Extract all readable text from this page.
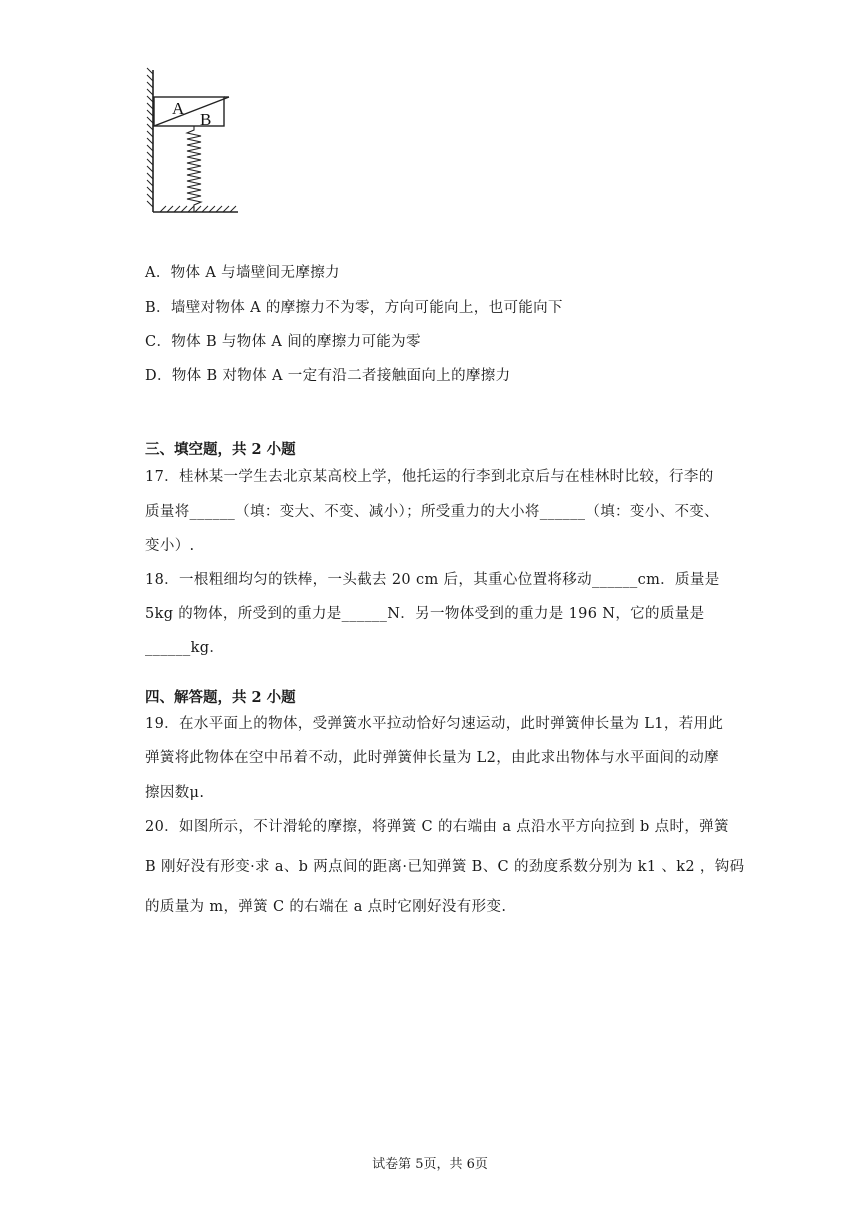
A
B
A．物体 A 与墙壁间无摩擦力
B．墙壁对物体 A 的摩擦力不为零，方向可能向上，也可能向下
C．物体 B 与物体 A 间的摩擦力可能为零
D．物体 B 对物体 A 一定有沿二者接触面向上的摩擦力
三、填空题，共 2 小题
17．桂林某一学生去北京某高校上学，他托运的行李到北京后与在桂林时比较，行李的
质量将______（填：变大、不变、减小）；所受重力的大小将______（填：变小、不变、
变小）.
18．一根粗细均匀的铁棒，一头截去 20 cm 后，其重心位置将移动______cm．质量是
5kg 的物体，所受到的重力是______N．另一物体受到的重力是 196 N，它的质量是
______kg．
四、解答题，共 2 小题
19．在水平面上的物体，受弹簧水平拉动恰好匀速运动，此时弹簧伸长量为 L1，若用此
弹簧将此物体在空中吊着不动，此时弹簧伸长量为 L2，由此求出物体与水平面间的动摩
擦因数μ.
20．如图所示，不计滑轮的摩擦，将弹簧 C 的右端由 a 点沿水平方向拉到 b 点时，弹簧
B 刚好没有形变·求 a、b 两点间的距离·已知弹簧 B、C 的劲度系数分别为 k1 、k2 ，钩码
的质量为 m，弹簧 C 的右端在 a 点时它刚好没有形变.
试卷第 5页，共 6页
